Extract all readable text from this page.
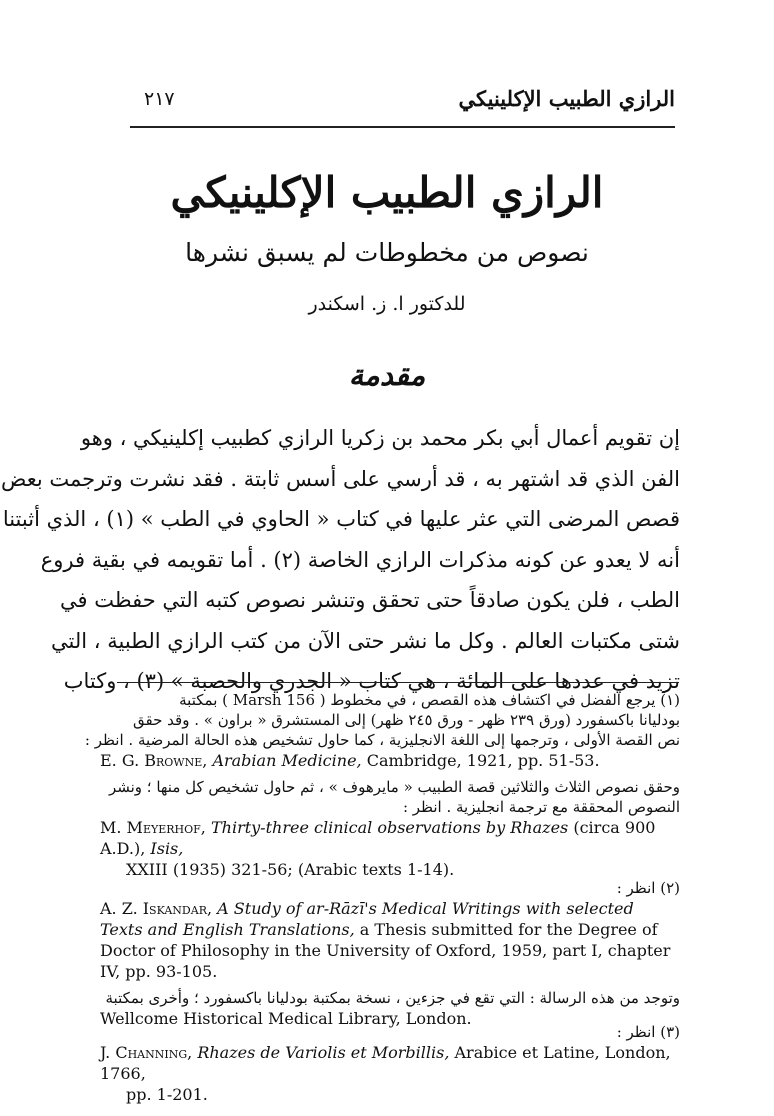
٢١٧	الرازي الطبيب الإكلينيكي
الرازي الطبيب الإكلينيكي
نصوص من مخطوطات لم يسبق نشرها
للدكتور ا. ز. اسكندر
مقدمة
إن تقويم أعمال أبي بكر محمد بن زكريا الرازي كطبيب إكلينيكي ، وهو
الفن الذي قد اشتهر به ، قد أرسي على أسس ثابتة . فقد نشرت وترجمت بعض
قصص المرضى التي عثر عليها في كتاب « الحاوي في الطب » (١) ، الذي أثبتنا
أنه لا يعدو عن كونه مذكرات الرازي الخاصة (٢) . أما تقويمه في بقية فروع
الطب ، فلن يكون صادقاً حتى تحقق وتنشر نصوص كتبه التي حفظت في
شتى مكتبات العالم . وكل ما نشر حتى الآن من كتب الرازي الطبية ، التي
تزيد في عددها على المائة ، هي كتاب « الجدري والحصبة » (٣) ، وكتاب
(١) يرجع الفضل في اكتشاف هذه القصص ، في مخطوط ( Marsh 156 ) بمكتبة
بودليانا باكسفورد (ورق ٢٣٩ ظهر - ورق ٢٤٥ ظهر) إلى المستشرق « براون » . وقد حقق
نص القصة الأولى ، وترجمها إلى اللغة الانجليزية ، كما حاول تشخيص هذه الحالة المرضية . انظر :
E. G. Browne, Arabian Medicine, Cambridge, 1921, pp. 51-53.
وحقق نصوص الثلاث والثلاثين قصة الطبيب « مايرهوف » ، ثم حاول تشخيص كل منها ؛ ونشر
النصوص المحققة مع ترجمة انجليزية . انظر :
M. Meyerhof, Thirty-three clinical observations by Rhazes (circa 900 A.D.), Isis,
XXIII (1935) 321-56; (Arabic texts 1-14).
(٢) انظر :
A. Z. Iskandar, A Study of ar-Rāzī's Medical Writings with selected Texts and English Translations, a Thesis submitted for the Degree of Doctor of Philosophy in the University of Oxford, 1959, part I, chapter IV, pp. 93-105.
وتوجد من هذه الرسالة : التي تقع في جزءين ، نسخة بمكتبة بودليانا باكسفورد ؛ وأخرى بمكتبة
Wellcome Historical Medical Library, London.
(٣) انظر :
J. Channing, Rhazes de Variolis et Morbillis, Arabice et Latine, London, 1766,
pp. 1-201.
